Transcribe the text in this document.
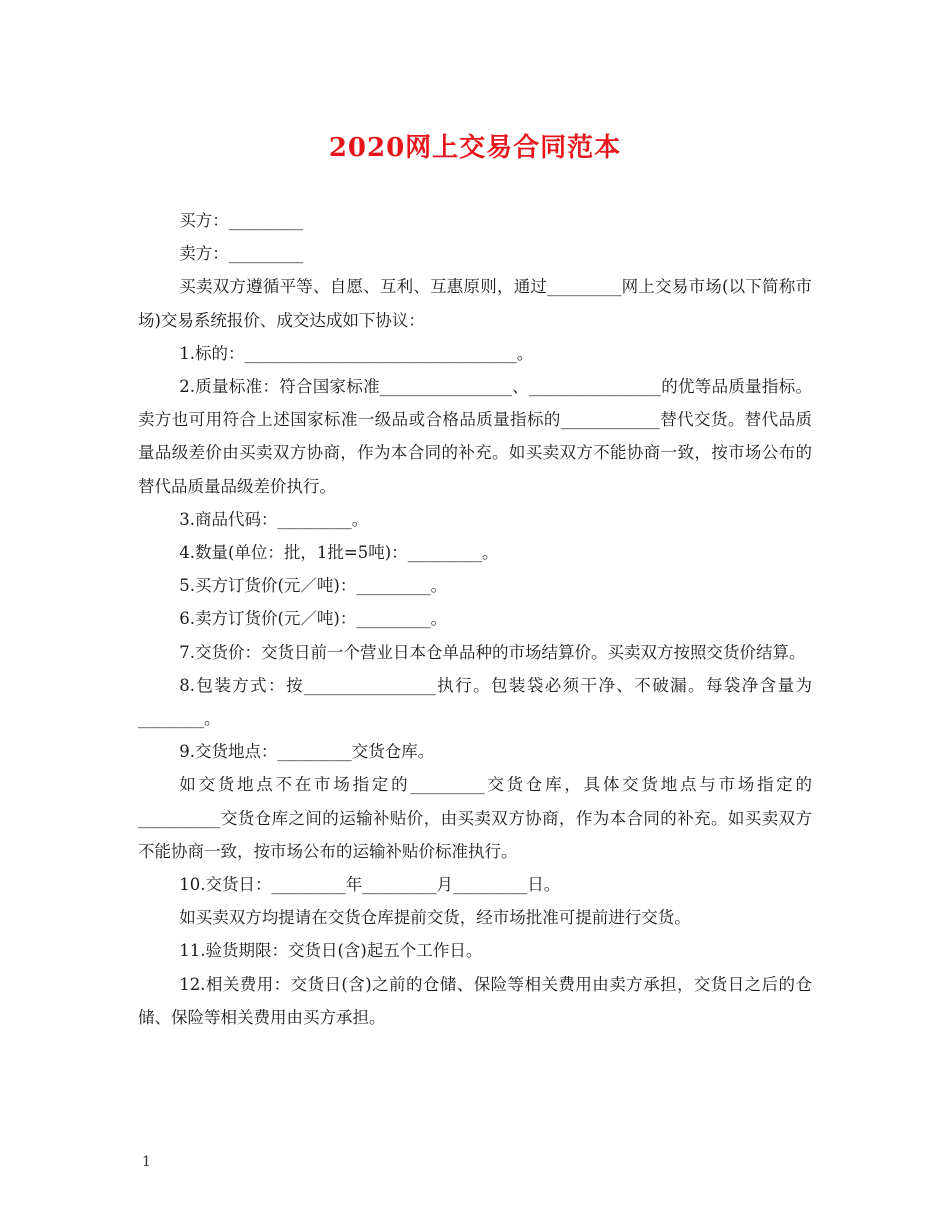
2020网上交易合同范本

买方：_________

卖方：_________

买卖双方遵循平等、自愿、互利、互惠原则，通过_________网上交易市场(以下简称市场)交易系统报价、成交达成如下协议：

1.标的：_________________________________。

2.质量标准：符合国家标准________________、________________的优等品质量指标。卖方也可用符合上述国家标准一级品或合格品质量指标的____________替代交货。替代品质量品级差价由买卖双方协商，作为本合同的补充。如买卖双方不能协商一致，按市场公布的替代品质量品级差价执行。

3.商品代码：_________。

4.数量(单位：批，1批=5吨)：_________。

5.买方订货价(元／吨)：_________。

6.卖方订货价(元／吨)：_________。

7.交货价：交货日前一个营业日本仓单品种的市场结算价。买卖双方按照交货价结算。

8.包装方式：按________________执行。包装袋必须干净、不破漏。每袋净含量为________。

9.交货地点：_________交货仓库。

如交货地点不在市场指定的_________交货仓库，具体交货地点与市场指定的__________交货仓库之间的运输补贴价，由买卖双方协商，作为本合同的补充。如买卖双方不能协商一致，按市场公布的运输补贴价标准执行。

10.交货日：_________年_________月_________日。

如买卖双方均提请在交货仓库提前交货，经市场批准可提前进行交货。

11.验货期限：交货日(含)起五个工作日。

12.相关费用：交货日(含)之前的仓储、保险等相关费用由卖方承担，交货日之后的仓储、保险等相关费用由买方承担。

1
